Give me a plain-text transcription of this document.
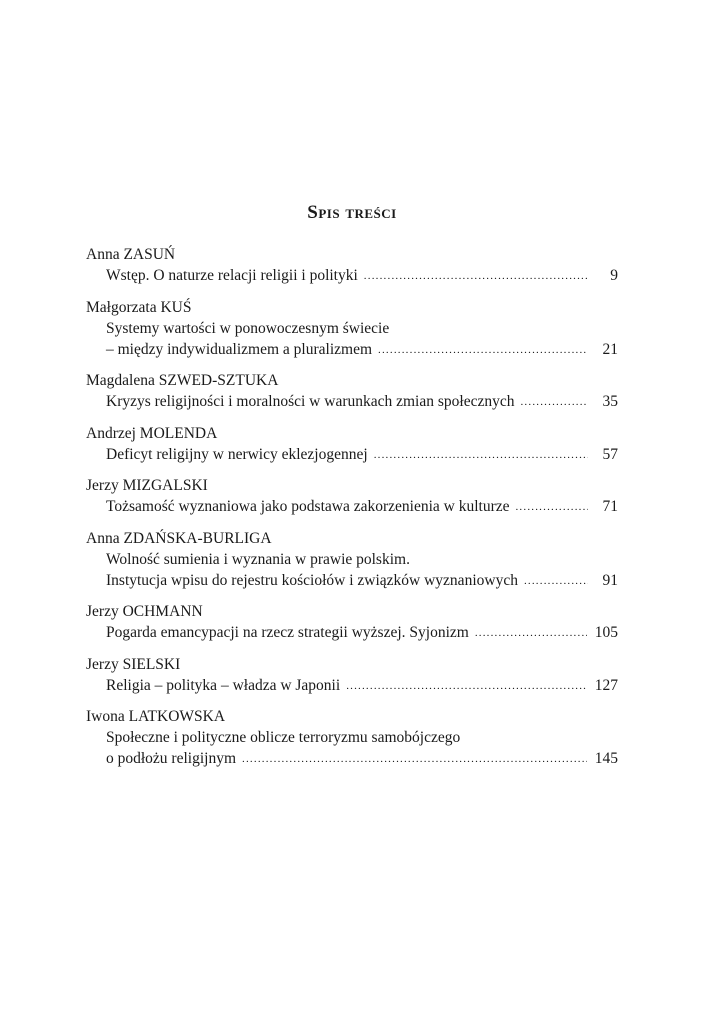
Spis treści
Anna ZASUŃ
Wstęp. O naturze relacji religii i polityki .....	9
Małgorzata KUŚ
Systemy wartości w ponowoczesnym świecie
– między indywidualizmem a pluralizmem .....	21
Magdalena SZWED-SZTUKA
Kryzys religijności i moralności w warunkach zmian społecznych .....	35
Andrzej MOLENDA
Deficyt religijny w nerwicy eklezjogennej .....	57
Jerzy MIZGALSKI
Tożsamość wyznaniowa jako podstawa zakorzenienia w kulturze .....	71
Anna ZDAŃSKA-BURLIGA
Wolność sumienia i wyznania w prawie polskim.
Instytucja wpisu do rejestru kościołów i związków wyznaniowych .....	91
Jerzy OCHMANN
Pogarda emancypacji na rzecz strategii wyższej. Syjonizm .....	105
Jerzy SIELSKI
Religia – polityka – władza w Japonii .....	127
Iwona LATKOWSKA
Społeczne i polityczne oblicze terroryzmu samobójczego
o podłożu religijnym .....	145
